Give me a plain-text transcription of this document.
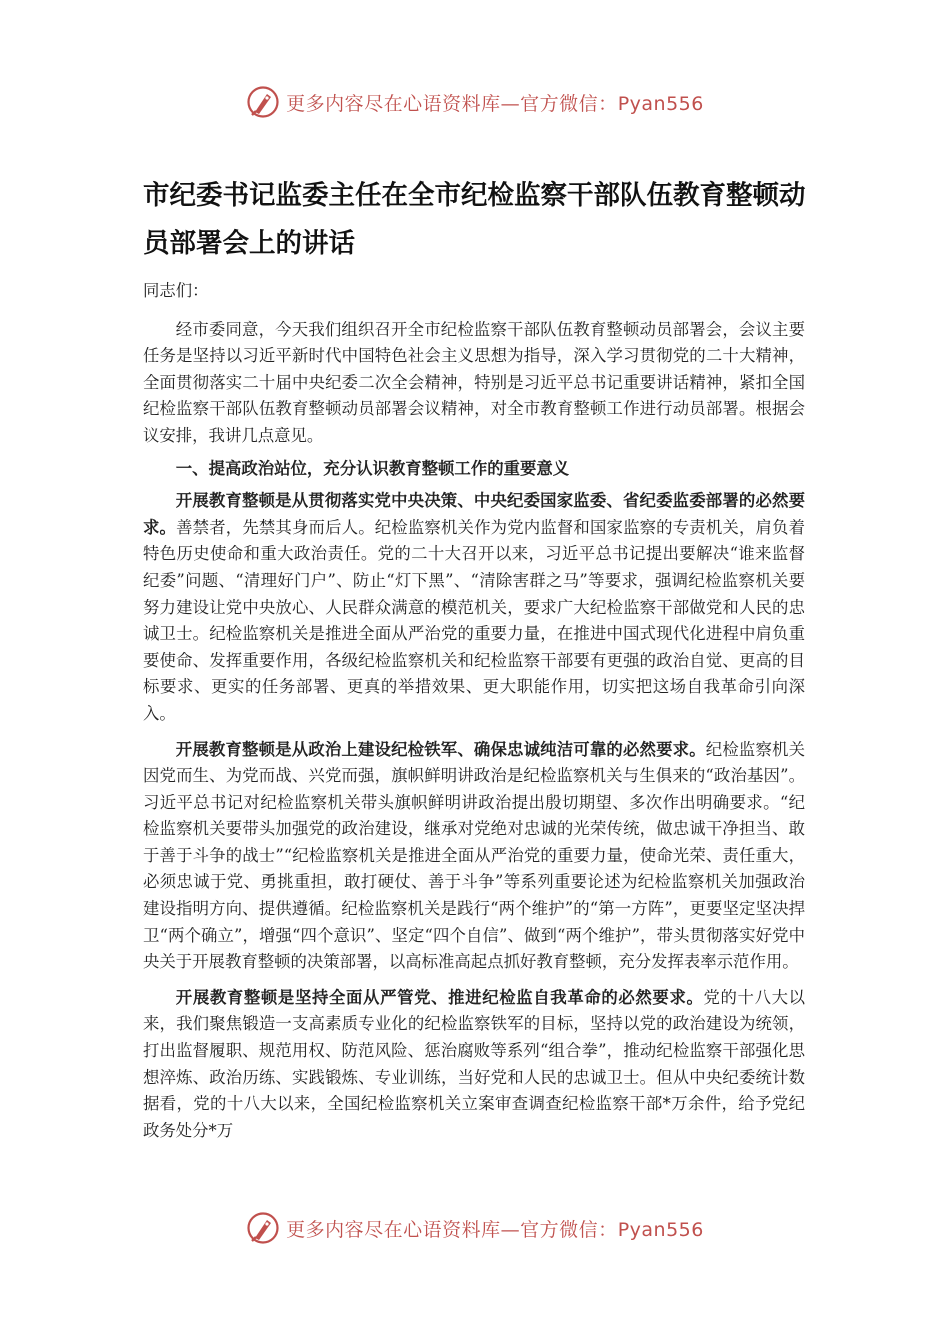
更多内容尽在心语资料库—官方微信：Pyan556
市纪委书记监委主任在全市纪检监察干部队伍教育整顿动员部署会上的讲话

同志们：

经市委同意，今天我们组织召开全市纪检监察干部队伍教育整顿动员部署会，会议主要任务是坚持以习近平新时代中国特色社会主义思想为指导，深入学习贯彻党的二十大精神，全面贯彻落实二十届中央纪委二次全会精神，特别是习近平总书记重要讲话精神，紧扣全国纪检监察干部队伍教育整顿动员部署会议精神，对全市教育整顿工作进行动员部署。根据会议安排，我讲几点意见。

一、提高政治站位，充分认识教育整顿工作的重要意义

开展教育整顿是从贯彻落实党中央决策、中央纪委国家监委、省纪委监委部署的必然要求。善禁者，先禁其身而后人。纪检监察机关作为党内监督和国家监察的专责机关，肩负着特色历史使命和重大政治责任。党的二十大召开以来，习近平总书记提出要解决“谁来监督纪委”问题、“清理好门户”、防止“灯下黑”、“清除害群之马”等要求，强调纪检监察机关要努力建设让党中央放心、人民群众满意的模范机关，要求广大纪检监察干部做党和人民的忠诚卫士。纪检监察机关是推进全面从严治党的重要力量，在推进中国式现代化进程中肩负重要使命、发挥重要作用，各级纪检监察机关和纪检监察干部要有更强的政治自觉、更高的目标要求、更实的任务部署、更真的举措效果、更大职能作用，切实把这场自我革命引向深入。

开展教育整顿是从政治上建设纪检铁军、确保忠诚纯洁可靠的必然要求。纪检监察机关因党而生、为党而战、兴党而强，旗帜鲜明讲政治是纪检监察机关与生俱来的“政治基因”。习近平总书记对纪检监察机关带头旗帜鲜明讲政治提出殷切期望、多次作出明确要求。“纪检监察机关要带头加强党的政治建设，继承对党绝对忠诚的光荣传统，做忠诚干净担当、敢于善于斗争的战士”“纪检监察机关是推进全面从严治党的重要力量，使命光荣、责任重大，必须忠诚于党、勇挑重担，敢打硬仗、善于斗争”等系列重要论述为纪检监察机关加强政治建设指明方向、提供遵循。纪检监察机关是践行“两个维护”的“第一方阵”，更要坚定坚决捍卫“两个确立”，增强“四个意识”、坚定“四个自信”、做到“两个维护”，带头贯彻落实好党中央关于开展教育整顿的决策部署，以高标准高起点抓好教育整顿，充分发挥表率示范作用。

开展教育整顿是坚持全面从严管党、推进纪检监自我革命的必然要求。党的十八大以来，我们聚焦锻造一支高素质专业化的纪检监察铁军的目标，坚持以党的政治建设为统领，打出监督履职、规范用权、防范风险、惩治腐败等系列“组合拳”，推动纪检监察干部强化思想淬炼、政治历练、实践锻炼、专业训练，当好党和人民的忠诚卫士。但从中央纪委统计数据看，党的十八大以来，全国纪检监察机关立案审查调查纪检监察干部*万余件，给予党纪政务处分*万

更多内容尽在心语资料库—官方微信：Pyan556
